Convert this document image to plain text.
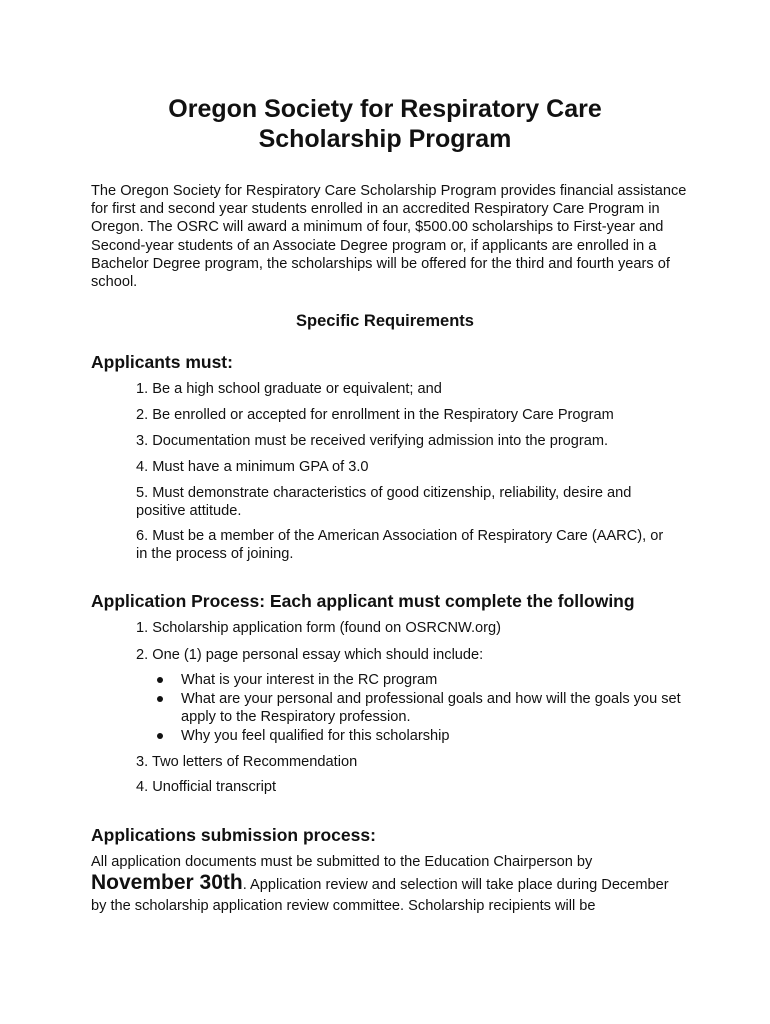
Oregon Society for Respiratory Care
Scholarship Program
The Oregon Society for Respiratory Care Scholarship Program provides financial assistance for first and second year students enrolled in an accredited Respiratory Care Program in Oregon. The OSRC will award a minimum of four, $500.00 scholarships to First-year and Second-year students of an Associate Degree program or, if applicants are enrolled in a Bachelor Degree program, the scholarships will be offered for the third and fourth years of school.
Specific Requirements
Applicants must:
1. Be a high school graduate or equivalent; and
2. Be enrolled or accepted for enrollment in the Respiratory Care Program
3. Documentation must be received verifying admission into the program.
4. Must have a minimum GPA of 3.0
5. Must demonstrate characteristics of good citizenship, reliability, desire and positive attitude.
6. Must be a member of the American Association of Respiratory Care (AARC), or in the process of joining.
Application Process: Each applicant must complete the following
1. Scholarship application form (found on OSRCNW.org)
2. One (1) page personal essay which should include:
What is your interest in the RC program
What are your personal and professional goals and how will the goals you set apply to the Respiratory profession.
Why you feel qualified for this scholarship
3. Two letters of Recommendation
4. Unofficial transcript
Applications submission process:
All application documents must be submitted to the Education Chairperson by
November 30th. Application review and selection will take place during December
by the scholarship application review committee. Scholarship recipients will be
